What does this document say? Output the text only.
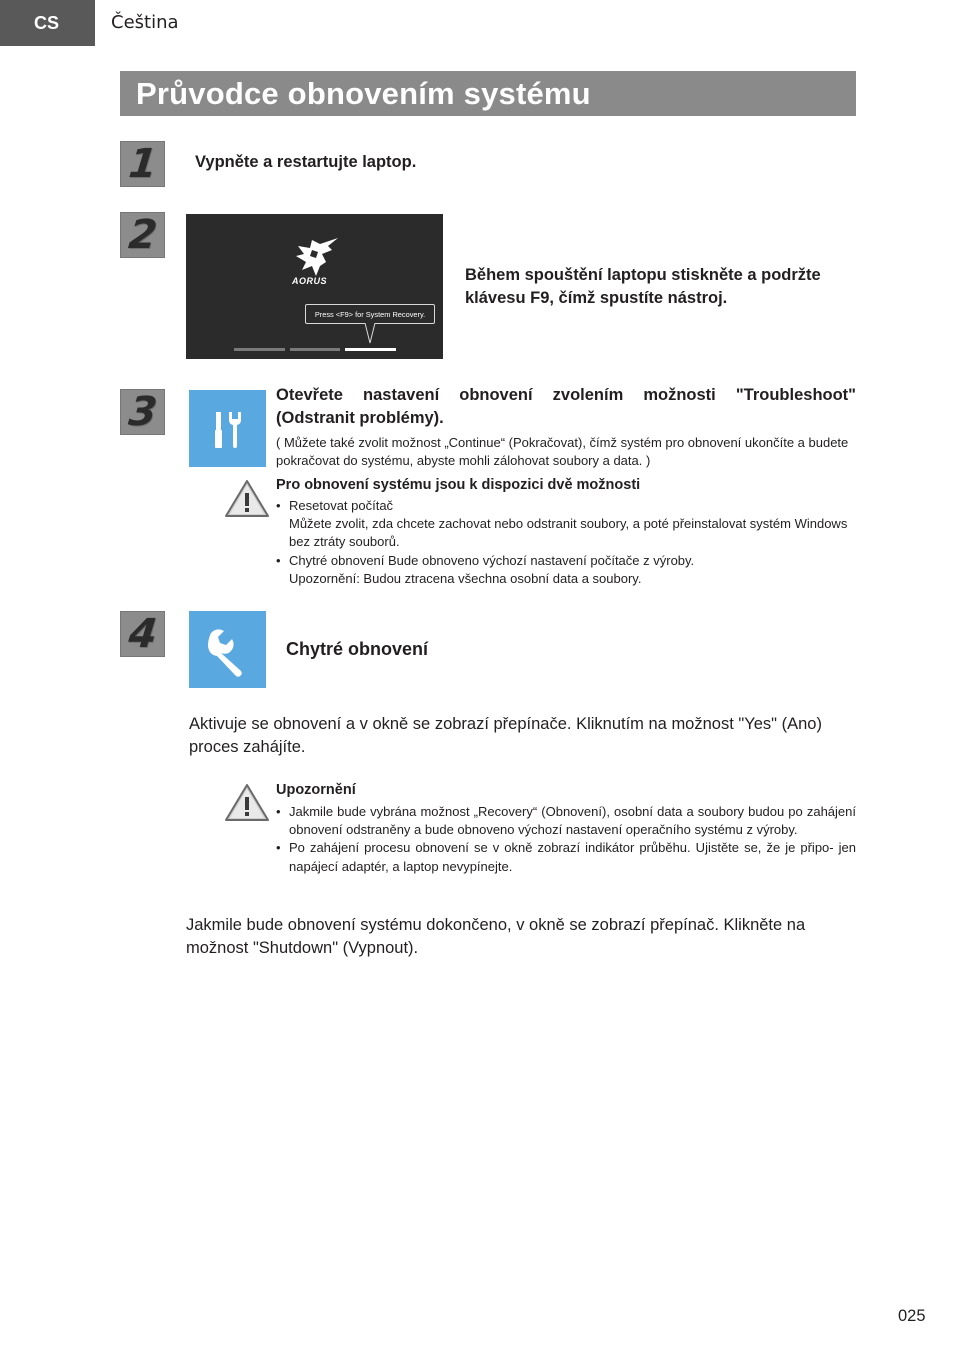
CS	Čeština
Průvodce obnovením systému
1 Vypněte a restartujte laptop.
2
AORUS
Press <F9> for System Recovery.
Během spouštění laptopu stiskněte a podržte klávesu F9, čímž spustíte nástroj.
3	Otevřete nastavení obnovení zvolením možnosti "Troubleshoot" (Odstranit problémy).
( Můžete také zvolit možnost „Continue“ (Pokračovat), čímž systém pro obnovení ukončíte a budete pokračovat do systému, abyste mohli zálohovat soubory a data. )
Pro obnovení systému jsou k dispozici dvě možnosti
• Resetovat počítač
Můžete zvolit, zda chcete zachovat nebo odstranit soubory, a poté přeinstalovat systém Windows bez ztráty souborů.
• Chytré obnovení Bude obnoveno výchozí nastavení počítače z výroby.
Upozornění: Budou ztracena všechna osobní data a soubory.
4	Chytré obnovení
Aktivuje se obnovení a v okně se zobrazí přepínače. Kliknutím na možnost "Yes" (Ano) proces zahájíte.
Upozornění
• Jakmile bude vybrána možnost „Recovery“ (Obnovení), osobní data a soubory budou po zahájení obnovení odstraněny a bude obnoveno výchozí nastavení operačního systému z výroby.
• Po zahájení procesu obnovení se v okně zobrazí indikátor průběhu. Ujistěte se, že je připo- jen napájecí adaptér, a laptop nevypínejte.
Jakmile bude obnovení systému dokončeno, v okně se zobrazí přepínač. Klikněte na možnost "Shutdown" (Vypnout).
025
